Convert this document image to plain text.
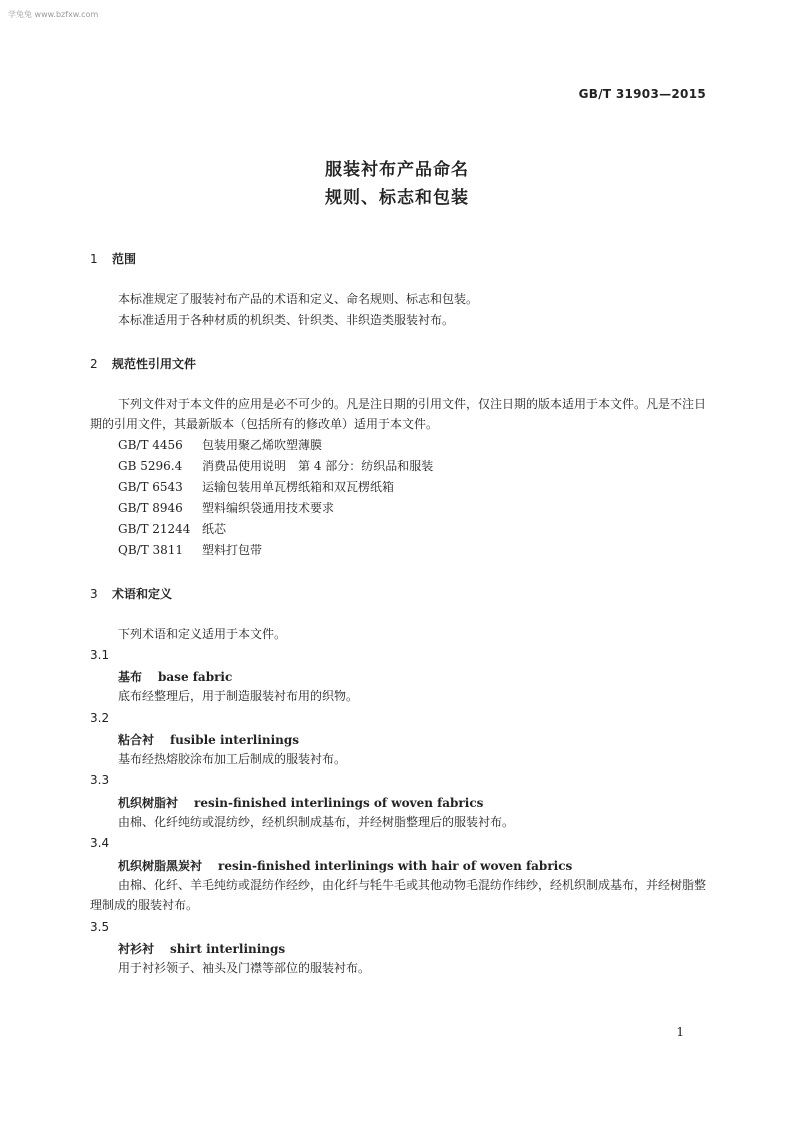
学兔兔 www.bzfxw.com
GB/T 31903—2015
服装衬布产品命名
规则、标志和包装
1 范围
本标准规定了服装衬布产品的术语和定义、命名规则、标志和包装。
本标准适用于各种材质的机织类、针织类、非织造类服装衬布。
2 规范性引用文件
下列文件对于本文件的应用是必不可少的。凡是注日期的引用文件，仅注日期的版本适用于本文件。凡是不注日期的引用文件，其最新版本（包括所有的修改单）适用于本文件。
GB/T 4456 包装用聚乙烯吹塑薄膜
GB 5296.4 消费品使用说明　第 4 部分：纺织品和服装
GB/T 6543 运输包装用单瓦楞纸箱和双瓦楞纸箱
GB/T 8946 塑料编织袋通用技术要求
GB/T 21244 纸芯
QB/T 3811 塑料打包带
3 术语和定义
下列术语和定义适用于本文件。
3.1
基布 base fabric
底布经整理后，用于制造服装衬布用的织物。
3.2
粘合衬 fusible interlinings
基布经热熔胶涂布加工后制成的服装衬布。
3.3
机织树脂衬 resin-finished interlinings of woven fabrics
由棉、化纤纯纺或混纺纱，经机织制成基布，并经树脂整理后的服装衬布。
3.4
机织树脂黑炭衬 resin-finished interlinings with hair of woven fabrics
由棉、化纤、羊毛纯纺或混纺作经纱，由化纤与牦牛毛或其他动物毛混纺作纬纱，经机织制成基布，并经树脂整理制成的服装衬布。
3.5
衬衫衬 shirt interlinings
用于衬衫领子、袖头及门襟等部位的服装衬布。
1
